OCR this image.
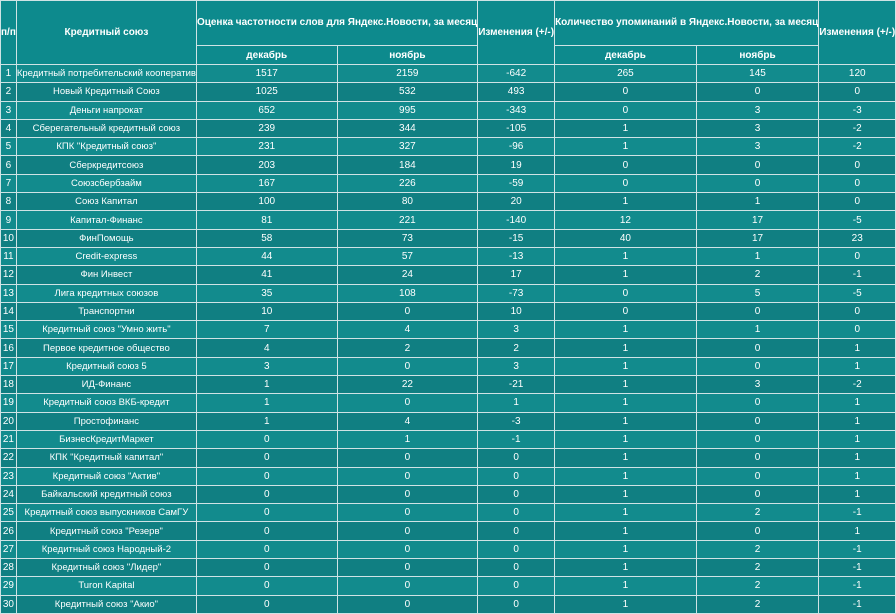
п/п	Кредитный союз	Оценка частотности слов для Яндекс.Новости, за месяц		Изменения (+/-)	Количество упоминаний в Яндекс.Новости, за месяц		Изменения (+/-)
		декабрь	ноябрь		декабрь	ноябрь	
1	Кредитный потребительский кооператив	1517	2159	-642	265	145	120
2	Новый Кредитный Союз	1025	532	493	0	0	0
3	Деньги напрокат	652	995	-343	0	3	-3
4	Сберегательный кредитный союз	239	344	-105	1	3	-2
5	КПК "Кредитный союз"	231	327	-96	1	3	-2
6	Сберкредитсоюз	203	184	19	0	0	0
7	Союзсбербзайм	167	226	-59	0	0	0
8	Союз Капитал	100	80	20	1	1	0
9	Капитал-Финанс	81	221	-140	12	17	-5
10	ФинПомощь	58	73	-15	40	17	23
11	Credit-express	44	57	-13	1	1	0
12	Фин Инвест	41	24	17	1	2	-1
13	Лига кредитных союзов	35	108	-73	0	5	-5
14	Транспортни	10	0	10	0	0	0
15	Кредитный союз "Умно жить"	7	4	3	1	1	0
16	Первое кредитное общество	4	2	2	1	0	1
17	Кредитный союз 5	3	0	3	1	0	1
18	ИД-Финанс	1	22	-21	1	3	-2
19	Кредитный союз ВКБ-кредит	1	0	1	1	0	1
20	Простофинанс	1	4	-3	1	0	1
21	БизнесКредитМаркет	0	1	-1	1	0	1
22	КПК "Кредитный капитал"	0	0	0	1	0	1
23	Кредитный союз "Актив"	0	0	0	1	0	1
24	Байкальский кредитный союз	0	0	0	1	0	1
25	Кредитный союз выпускников СамГУ	0	0	0	1	2	-1
26	Кредитный союз "Резерв"	0	0	0	1	0	1
27	Кредитный союз Народный-2	0	0	0	1	2	-1
28	Кредитный союз "Лидер"	0	0	0	1	2	-1
29	Turon Kapital	0	0	0	1	2	-1
30	Кредитный союз "Акио"	0	0	0	1	2	-1
